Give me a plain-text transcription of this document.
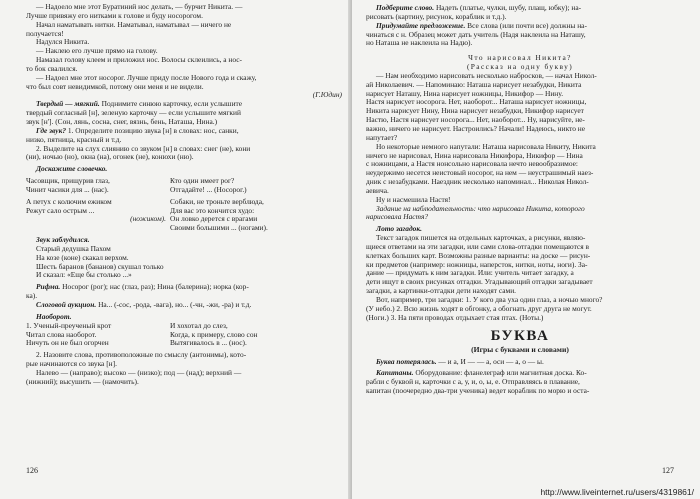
— Надоело мне этот Буратиний нос делать, — бурчит Никита. —
Лучше привяжу его нитками к голове и буду носорогом.
Начал наматывать нитки. Наматывал, наматывал — ничего не
получается!
Надулся Никита.
— Наклею его лучше прямо на голову.
Намазал голову клеем и приложил нос. Волосы склеились, а нос-
то бок свалился.
— Надоел мне этот носорог. Лучше приду после Нового года и скажу,
что был совт невидимкой, потому они меня и не видели.
(Г.Юдин)
Твердый — мягкий. Поднимите синюю карточку, если услышите
твердый согласный [н], зеленую карточку — если услышите мягкий
звук [н']. (Сон, лянь, сосна, снег, вязнь, бень, Наташа, Нина.)
Где звук? 1. Определите позицию звука [н] в словах: нос, санки,
низко, пятница, красный и т.д.
2. Выделите на слух слиянию со звуком [н] в словах: снег (не), кони
(ни), ночью (но), окна (на), огонек (не), конюхи (ню).
Доскажите словечко.
Часовщик, прищурив глаз,
Чинит часики для ... (нас).
Кто один имеет рог?
Отгадайте! ... (Носорог.)
А петух с колючим ежиком
Режут сало острым ...
(ножиком).
Собаки, не троньте верблюда,
Для вас это кончится худо:
Он ловко дерется с врагами
Своими большими ... (ногами).
Звук заблудился.
Старый дедушка Пахом
На козе (коне) скакал верхом.
Шесть баранов (бананов) скушал только
И сказал: «Еще бы столько ...»
Рифма. Носорог (рог); нас (глаз, раз); Нина (балерина); норка (кор-
ка).
Слоговой аукцион. На... (-сос, -рода, -вага), но... (-чн, -жи, -ра) и т.д.
Наоборот.
1. Ученый-преученый крот
Читал слова наоборот.
Ничуть он не был огорчен
И хохотал до слез,
Когда, к примеру, слово сон
Вытягивалось в ... (нос).
2. Назовите слова, противоположные по смыслу (антонимы), кото-
рые начинаются со звука [н].
Налево — (направо); высоко — (низко); под — (над); верхний —
(нижний); высушить — (намочить).
126
Подберите слово. Надеть (платье, чулки, шубу, плащ, юбку); на-
рисовать (картину, рисунок, кораблик и т.д.).
Придумайте предложение. Все слова (или почти все) должны на-
чинаться с н. Образец может дать учитель (Надя наклеила на Наташу,
но Наташа не наклеила на Надю).
Что нарисовал Никита?
(Рассказ на одну букву)
— Нам необходимо нарисовать несколько набросков, — начал Никол-
ай Николаевич. — Напоминаю: Наташа нарисует незабудки, Никита
нарисует Наташу, Нина нарисует ножницы, Никифор — Нину.
Настя нарисует носорога. Нет, наоборот... Наташа нарисует ножницы,
Никита нарисует Нину, Нина нарисует незабудки, Никифор нарисует
Настю, Настя нарисует носорога... Нет, наоборот... Ну, нарисуйте, не-
важно, ничего не нарисует. Настроились? Начали! Надеюсь, никто не
напутает?
Но некоторые немного напутали: Наташа нарисовала Никиту, Никита
ничего не нарисовал, Нина нарисовала Никифора, Никифор — Нина
с ножницами, а Настя нонсольно нарисовала нечто невообразимое:
неудержимо несется неистовый носорог, на нем — неустрашимый наез-
дник с незабудками. Наездник несколько напоминал... Николая Никол-
аевича.
Ну и насмешила Настя!
Задание на наблюдательность: что нарисовал Никита, которого
нарисовала Настя?
Лото загадок.
Текст загадок пишется на отдельных карточках, а рисунки, являю-
щиеся ответами на эти загадки, или сами слова-отгадки помещаются в
клетках больших карт. Возможны разные варианты: на доске — рисун-
ки предметов (например: ножницы, наперсток, нитки, ноты, ноги). За-
дание — придумать к ним загадки. Или: учитель читает загадку, а
дети ищут в своих рисунках отгадки. Угадывающий отгадки загадывает
загадки, а картинки-отгадки дети находят сами.
Вот, например, три загадки: 1. У кого два уха один глаз, а ночью много?
(У небо.) 2. Всю жизнь ходят в обгонку, а обогнать друг друга не могут.
(Ноги.) 3. На пяти проводах отдыхает стая птах. (Ноты.)
БУКВА
(Игры с буквами и словами)
Буква потерялась. — и а, И — — а, оси — а, о — ы.
Капитаны. Оборудование: фланелеграф или магнитная доска. Ко-
рабли с буквой н, карточки с а, у, и, о, ы, е. Отправляясь в плавание,
капитан (поочередно два-три ученика) ведет кораблик по морю и оста-
127
http://www.liveinternet.ru/users/4319861/
